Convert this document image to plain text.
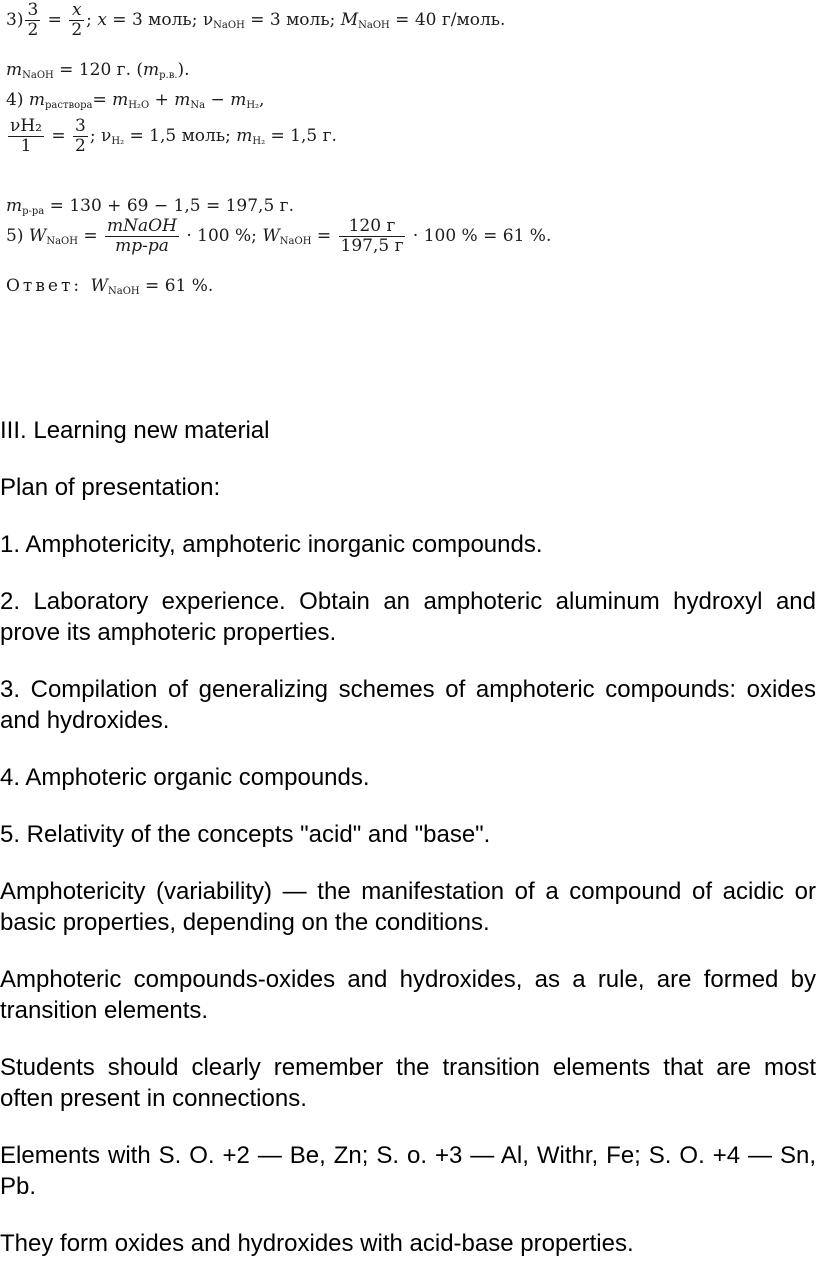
$3) \frac{3}{2} = \frac{x}{2}$ ; x = 3 моль; $\nu_{NaOH} = 3$ моль; $M_{NaOH} = 40$ г/моль.
$m_{NaOH} = 120$ г. $(m_{р.в.})$.
4) $m_{раствора}= m_{H_2O} + m_{Na} - m_{H_2}$,
$\frac{\text{νH₂}}{1} = \frac{3}{2}$ ; $\nu_{H_2} = 1,5$ моль; $m_{H_2} = 1,5$ г.
$m_{р-ра} = 130 + 69 - 1,5 = 197,5$ г.
5) $W_{NaOH} = \frac{\text{mNaOH}}{mр-ра} \cdot 100$ %; $W_{NaOH} = \frac{120 г}{197,5 г} \cdot 100$ % = 61 %.
Ответ: $W_{NaOH} = 61$ %.

III. Learning new material

Plan of presentation:

1. Amphotericity, amphoteric inorganic compounds.

2. Laboratory experience. Obtain an amphoteric aluminum hydroxyl and prove its amphoteric properties.

3. Compilation of generalizing schemes of amphoteric compounds: oxides and hydroxides.

4. Amphoteric organic compounds.

5. Relativity of the concepts "acid" and "base".

Amphotericity (variability) — the manifestation of a compound of acidic or basic properties, depending on the conditions.

Amphoteric compounds-oxides and hydroxides, as a rule, are formed by transition elements.

Students should clearly remember the transition elements that are most often present in connections.

Elements with S. O. +2 — Be, Zn; S. o. +3 — Al, Withr, Fe; S. O. +4 — Sn, Pb.

They form oxides and hydroxides with acid-base properties.
